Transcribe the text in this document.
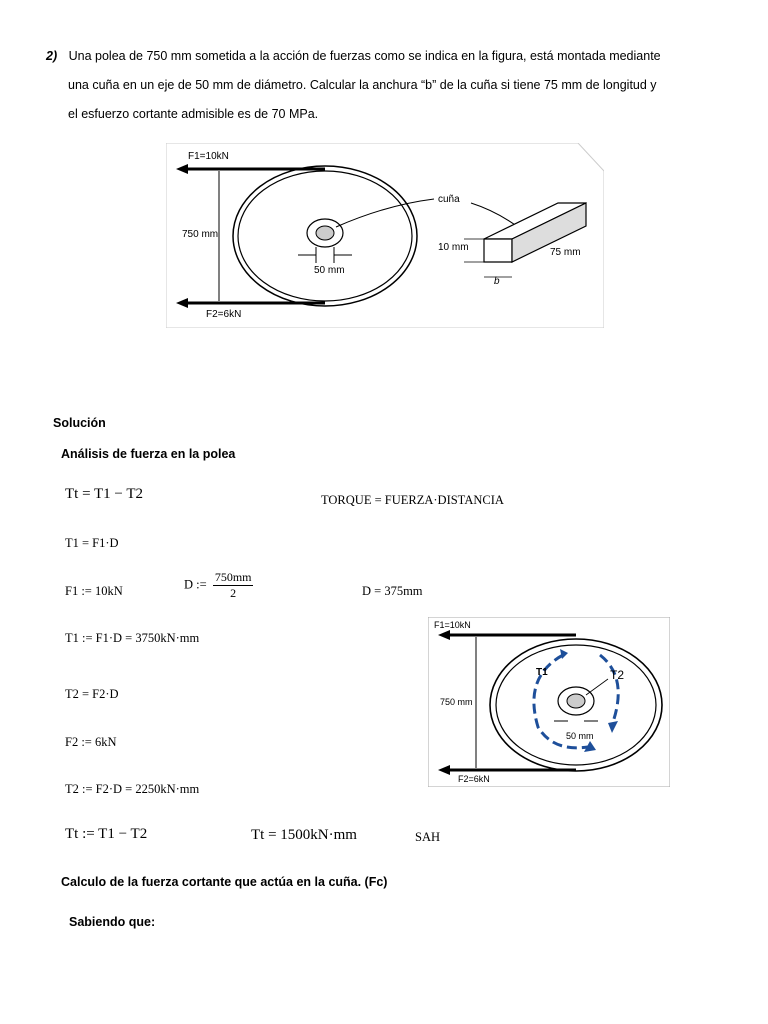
2) Una polea de 750 mm sometida a la acción de fuerzas como se indica en la figura, está montada mediante
una cuña en un eje de 50 mm de diámetro. Calcular la anchura “b” de la cuña si tiene 75 mm de longitud y
el esfuerzo cortante admisible es de 70 MPa.
F1=10kN
F2=6kN
750 mm
50 mm
cuña
10 mm
b
75 mm
Solución
Análisis de fuerza en la polea
Tt = T1 − T2	TORQUE = FUERZA·DISTANCIA
T1 = F1·D
F1 := 10kN	D := $\frac{750mm}{2}$	D = 375mm
T1 := F1·D = 3750kN·mm
T2 = F2·D
F2 := 6kN
T2 := F2·D = 2250kN·mm
Tt := T1 − T2	Tt = 1500kN·mm	SAH
Calculo de la fuerza cortante que actúa en la cuña. (Fc)
Sabiendo que:
T1	T2
F1=10kN
F2=6kN
750 mm
50 mm
